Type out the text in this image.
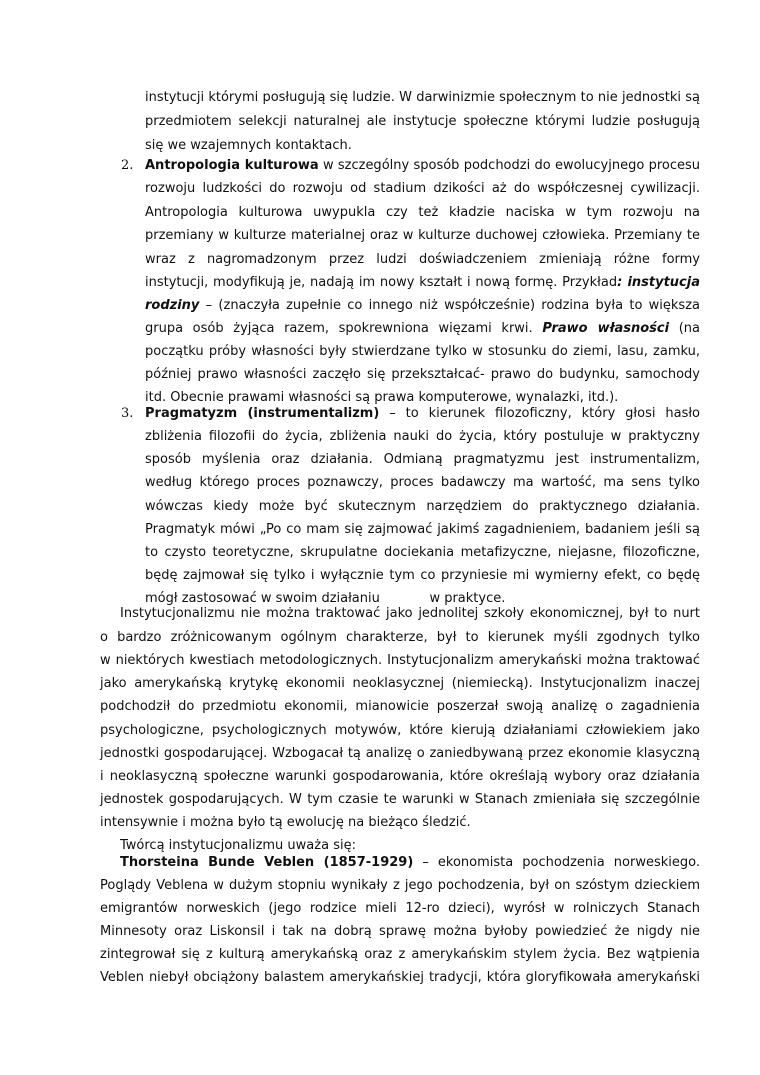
instytucji którymi posługują się ludzie. W darwinizmie społecznym to nie jednostki są
przedmiotem selekcji naturalnej ale instytucje społeczne którymi ludzie posługują
się we wzajemnych kontaktach.
Antropologia kulturowa w szczególny sposób podchodzi do ewolucyjnego procesu
2.
rozwoju ludzkości do rozwoju od stadium dzikości aż do współczesnej cywilizacji.
Antropologia kulturowa uwypukla czy też kładzie naciska w tym rozwoju na
przemiany w kulturze materialnej oraz w kulturze duchowej człowieka. Przemiany te
wraz z nagromadzonym przez ludzi doświadczeniem zmieniają różne formy
instytucji, modyfikują je, nadają im nowy kształt i nową formę. Przykład: instytucja
rodziny – (znaczyła zupełnie co innego niż współcześnie) rodzina była to większa
grupa osób żyjąca razem, spokrewniona więzami krwi. Prawo własności (na
początku próby własności były stwierdzane tylko w stosunku do ziemi, lasu, zamku,
później prawo własności zaczęło się przekształcać- prawo do budynku, samochody
itd. Obecnie prawami własności są prawa komputerowe, wynalazki, itd.).
Pragmatyzm (instrumentalizm) – to kierunek filozoficzny, który głosi hasło
3.
zbliżenia filozofii do życia, zbliżenia nauki do życia, który postuluje w praktyczny
sposób myślenia oraz działania. Odmianą pragmatyzmu jest instrumentalizm,
według którego proces poznawczy, proces badawczy ma wartość, ma sens tylko
wówczas kiedy może być skutecznym narzędziem do praktycznego działania.
Pragmatyk mówi „Po co mam się zajmować jakimś zagadnieniem, badaniem jeśli są
to czysto teoretyczne, skrupulatne dociekania metafizyczne, niejasne, filozoficzne,
będę zajmował się tylko i wyłącznie tym co przyniesie mi wymierny efekt, co będę
mógł zastosować w swoim działaniu            w praktyce.
Instytucjonalizmu nie można traktować jako jednolitej szkoły ekonomicznej, był to nurt
o bardzo zróżnicowanym ogólnym charakterze, był to kierunek myśli zgodnych tylko
w niektórych kwestiach metodologicznych. Instytucjonalizm amerykański można traktować
jako amerykańską krytykę ekonomii neoklasycznej (niemiecką). Instytucjonalizm inaczej
podchodził do przedmiotu ekonomii, mianowicie poszerzał swoją analizę o zagadnienia
psychologiczne, psychologicznych motywów, które kierują działaniami człowiekiem jako
jednostki gospodarującej. Wzbogacał tą analizę o zaniedbywaną przez ekonomie klasyczną
i neoklasyczną społeczne warunki gospodarowania, które określają wybory oraz działania
jednostek gospodarujących. W tym czasie te warunki w Stanach zmieniała się szczególnie
intensywnie i można było tą ewolucję na bieżąco śledzić.
Twórcą instytucjonalizmu uważa się:
Thorsteina Bunde Veblen (1857-1929) – ekonomista pochodzenia norweskiego.
Poglądy Veblena w dużym stopniu wynikały z jego pochodzenia, był on szóstym dzieckiem
emigrantów norweskich (jego rodzice mieli 12-ro dzieci), wyrósł w rolniczych Stanach
Minnesoty oraz Liskonsil i tak na dobrą sprawę można byłoby powiedzieć że nigdy nie
zintegrował się z kulturą amerykańską oraz z amerykańskim stylem życia. Bez wątpienia
Veblen niebył obciążony balastem amerykańskiej tradycji, która gloryfikowała amerykański
